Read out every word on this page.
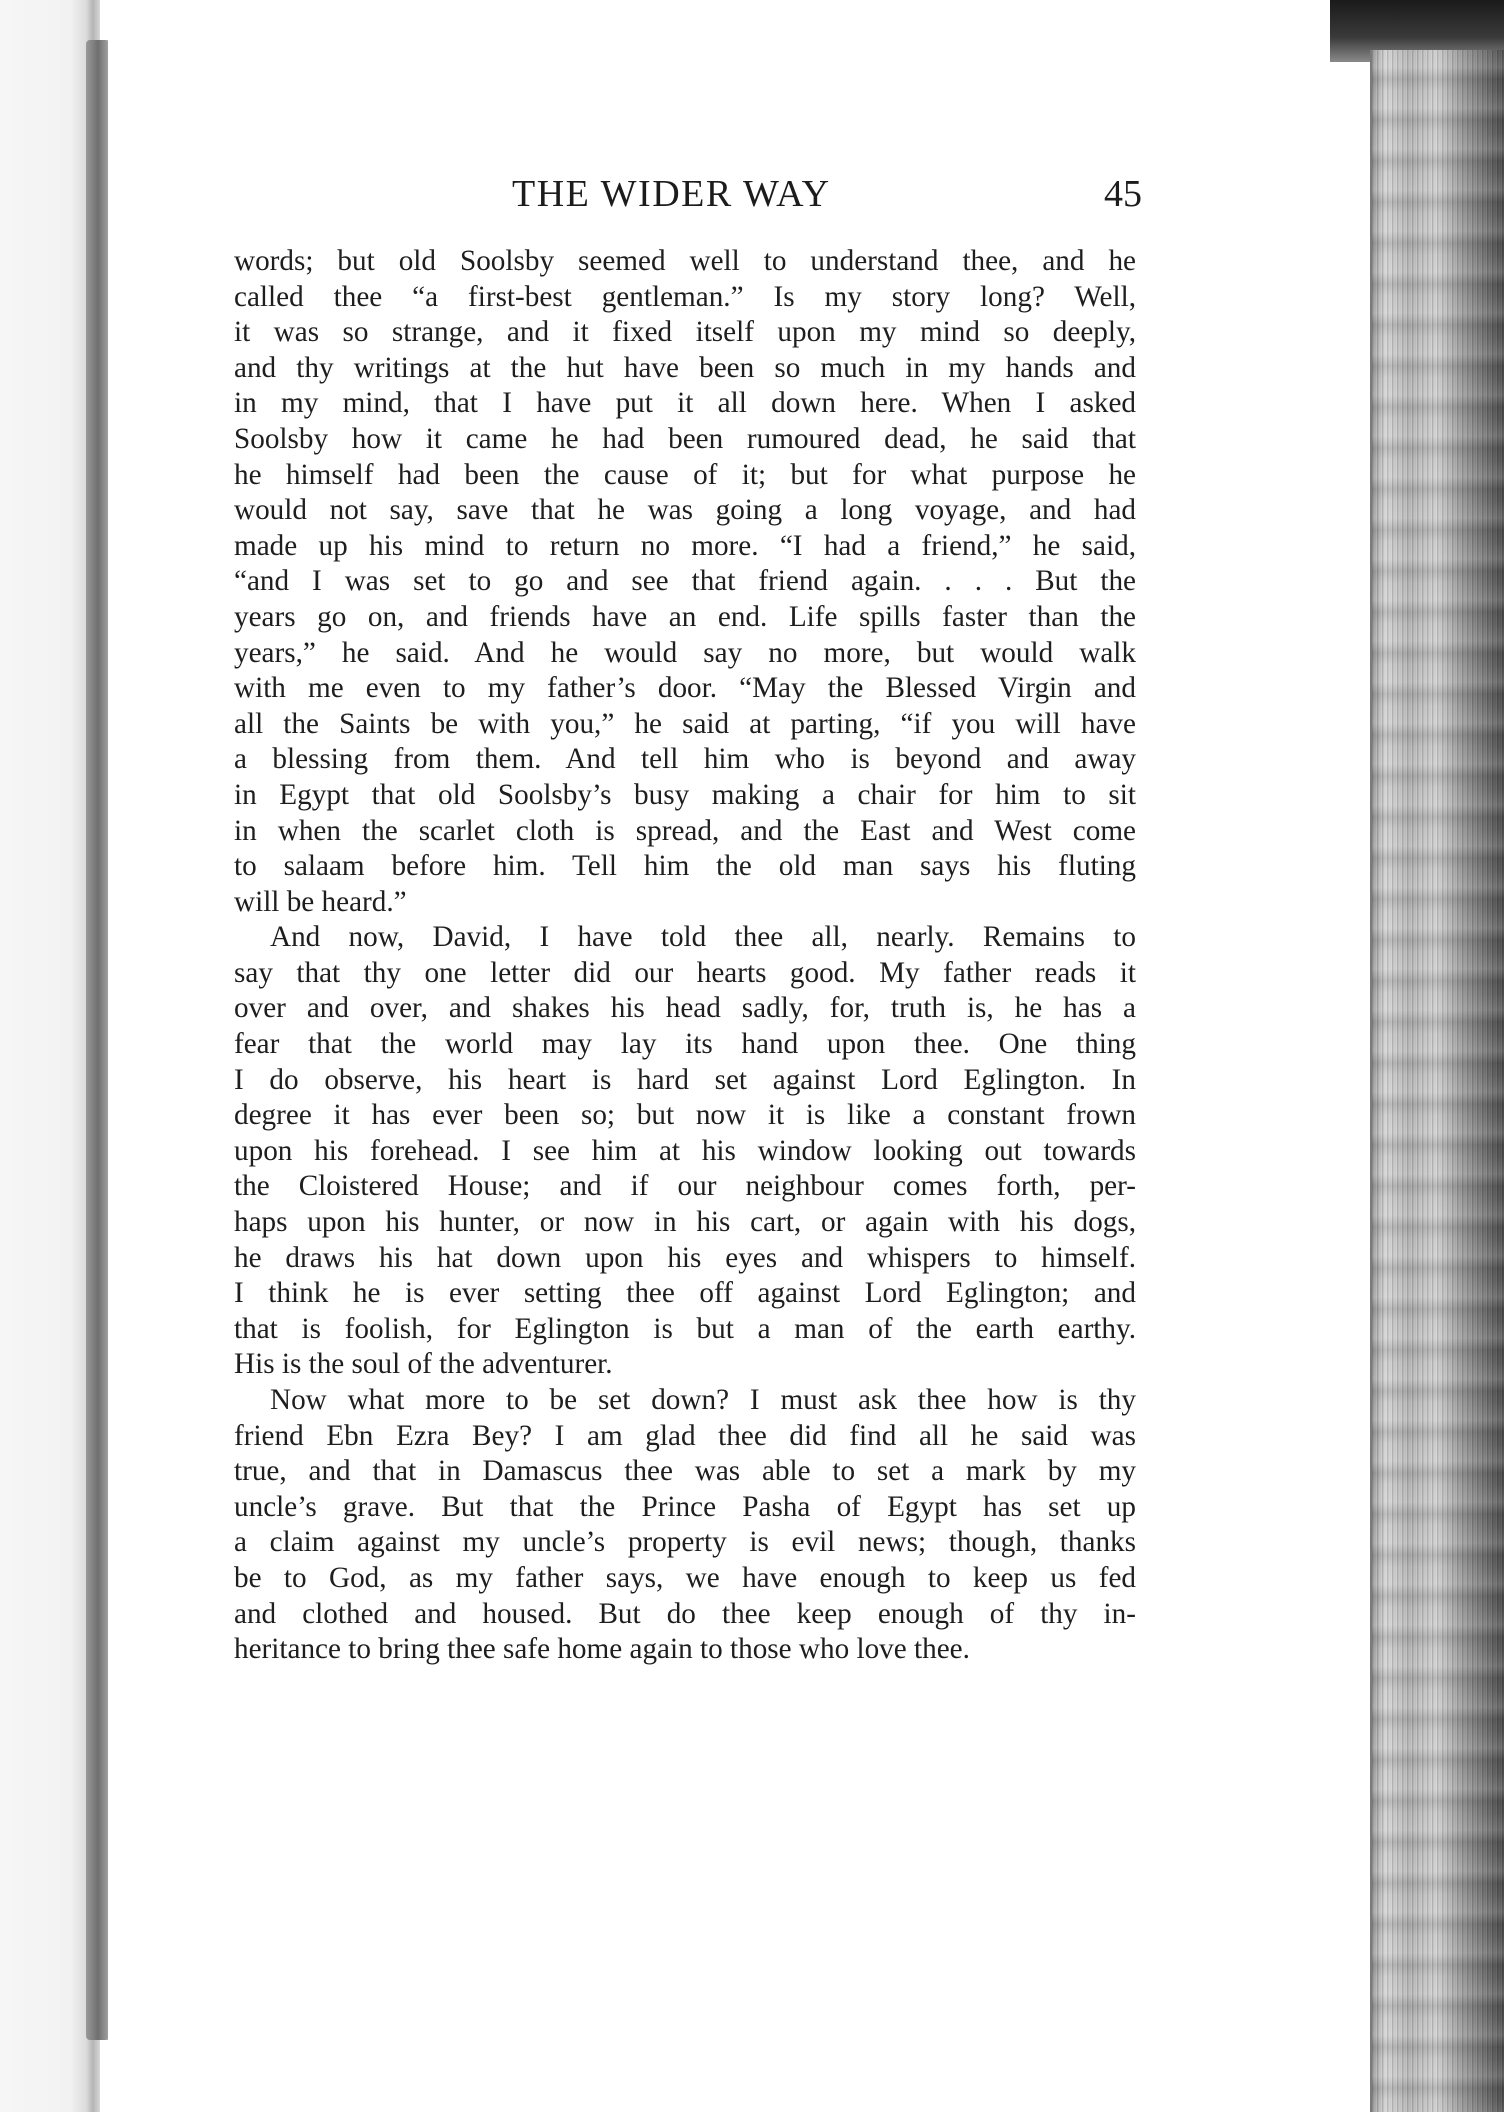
THE WIDER WAY	45
words; but old Soolsby seemed well to understand thee, and he
called thee “a first-best gentleman.” Is my story long? Well,
it was so strange, and it fixed itself upon my mind so deeply,
and thy writings at the hut have been so much in my hands and
in my mind, that I have put it all down here. When I asked
Soolsby how it came he had been rumoured dead, he said that
he himself had been the cause of it; but for what purpose he
would not say, save that he was going a long voyage, and had
made up his mind to return no more. “I had a friend,” he said,
“and I was set to go and see that friend again. . . . But the
years go on, and friends have an end. Life spills faster than the
years,” he said. And he would say no more, but would walk
with me even to my father’s door. “May the Blessed Virgin and
all the Saints be with you,” he said at parting, “if you will have
a blessing from them. And tell him who is beyond and away
in Egypt that old Soolsby’s busy making a chair for him to sit
in when the scarlet cloth is spread, and the East and West come
to salaam before him. Tell him the old man says his fluting
will be heard.”
And now, David, I have told thee all, nearly. Remains to
say that thy one letter did our hearts good. My father reads it
over and over, and shakes his head sadly, for, truth is, he has a
fear that the world may lay its hand upon thee. One thing
I do observe, his heart is hard set against Lord Eglington. In
degree it has ever been so; but now it is like a constant frown
upon his forehead. I see him at his window looking out towards
the Cloistered House; and if our neighbour comes forth, per-
haps upon his hunter, or now in his cart, or again with his dogs,
he draws his hat down upon his eyes and whispers to himself.
I think he is ever setting thee off against Lord Eglington; and
that is foolish, for Eglington is but a man of the earth earthy.
His is the soul of the adventurer.
Now what more to be set down? I must ask thee how is thy
friend Ebn Ezra Bey? I am glad thee did find all he said was
true, and that in Damascus thee was able to set a mark by my
uncle’s grave. But that the Prince Pasha of Egypt has set up
a claim against my uncle’s property is evil news; though, thanks
be to God, as my father says, we have enough to keep us fed
and clothed and housed. But do thee keep enough of thy in-
heritance to bring thee safe home again to those who love thee.
